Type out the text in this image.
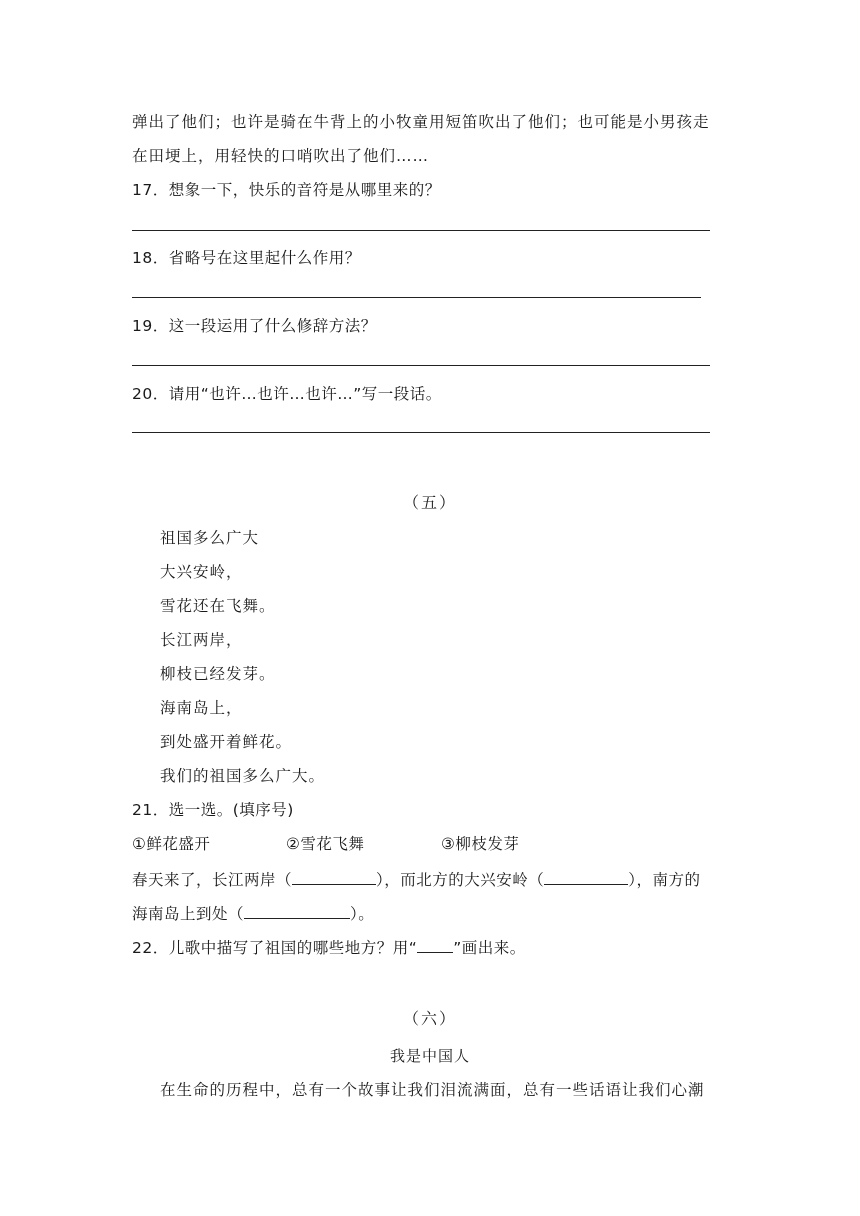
弹出了他们；也许是骑在牛背上的小牧童用短笛吹出了他们；也可能是小男孩走
在田埂上，用轻快的口哨吹出了他们……
17．想象一下，快乐的音符是从哪里来的？
18．省略号在这里起什么作用？
19．这一段运用了什么修辞方法？
20．请用“也许…也许…也许…”写一段话。
（五）
祖国多么广大
大兴安岭，
雪花还在飞舞。
长江两岸，
柳枝已经发芽。
海南岛上，
到处盛开着鲜花。
我们的祖国多么广大。
21．选一选。(填序号)
①鲜花盛开	②雪花飞舞	③柳枝发芽
春天来了，长江两岸（	），而北方的大兴安岭（	），南方的
海南岛上到处（	）。
22．儿歌中描写了祖国的哪些地方？用“ ”画出来。
（六）
我是中国人
在生命的历程中，总有一个故事让我们泪流满面，总有一些话语让我们心潮
